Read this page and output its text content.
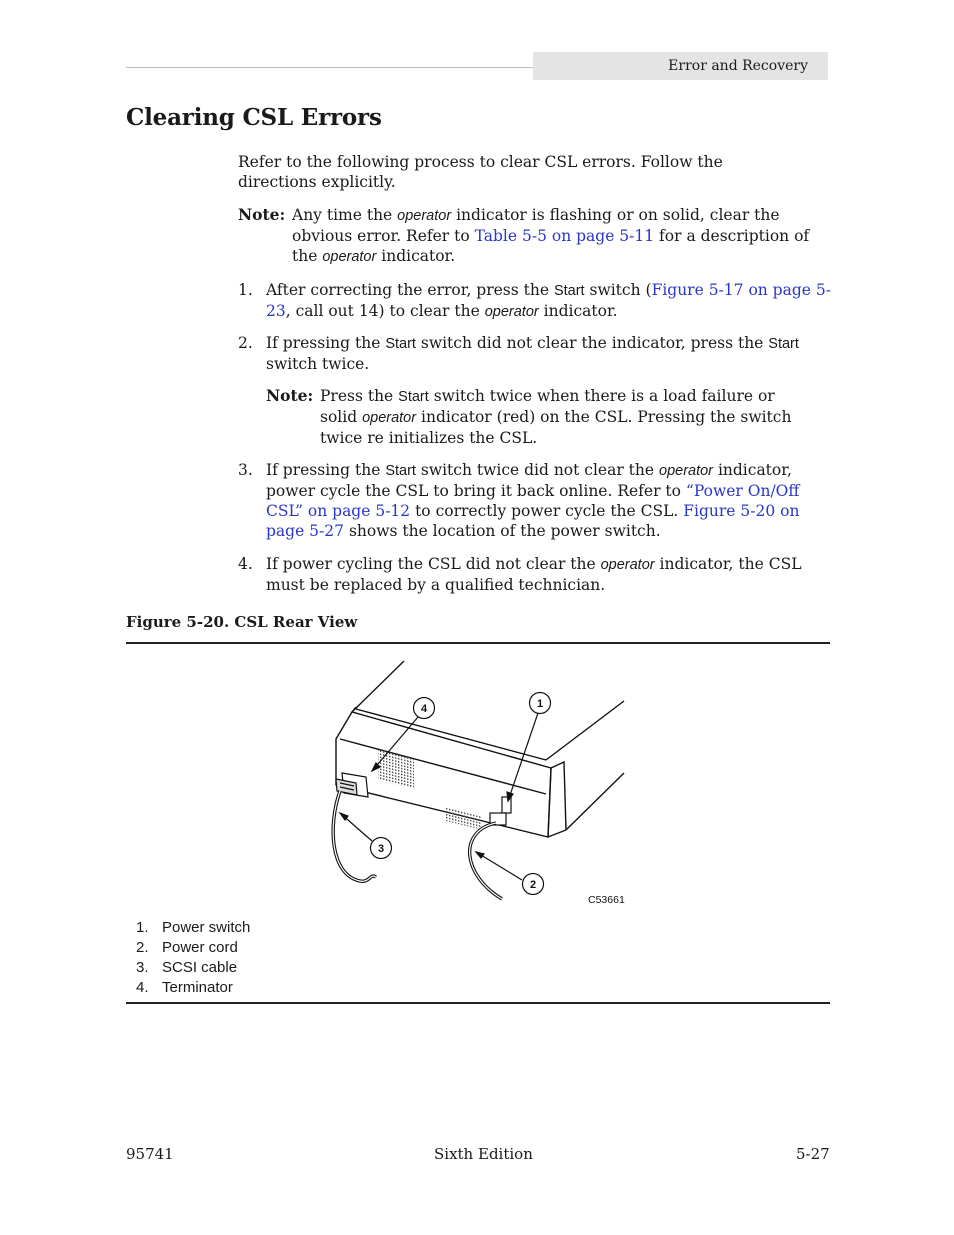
Error and Recovery
Clearing CSL Errors

Refer to the following process to clear CSL errors. Follow the directions explicitly.

Note: Any time the operator indicator is flashing or on solid, clear the obvious error. Refer to Table 5-5 on page 5-11 for a description of the operator indicator.

1. After correcting the error, press the Start switch (Figure 5-17 on page 5-23, call out 14) to clear the operator indicator.

2. If pressing the Start switch did not clear the indicator, press the Start switch twice.

Note: Press the Start switch twice when there is a load failure or solid operator indicator (red) on the CSL. Pressing the switch twice re initializes the CSL.

3. If pressing the Start switch twice did not clear the operator indicator, power cycle the CSL to bring it back online. Refer to “Power On/Off CSL” on page 5-12 to correctly power cycle the CSL. Figure 5-20 on page 5-27 shows the location of the power switch.

4. If power cycling the CSL did not clear the operator indicator, the CSL must be replaced by a qualified technician.

Figure 5-20. CSL Rear View
4	1
3
2
C53661
1. Power switch
2. Power cord
3. SCSI cable
4. Terminator
95741	Sixth Edition	5-27
